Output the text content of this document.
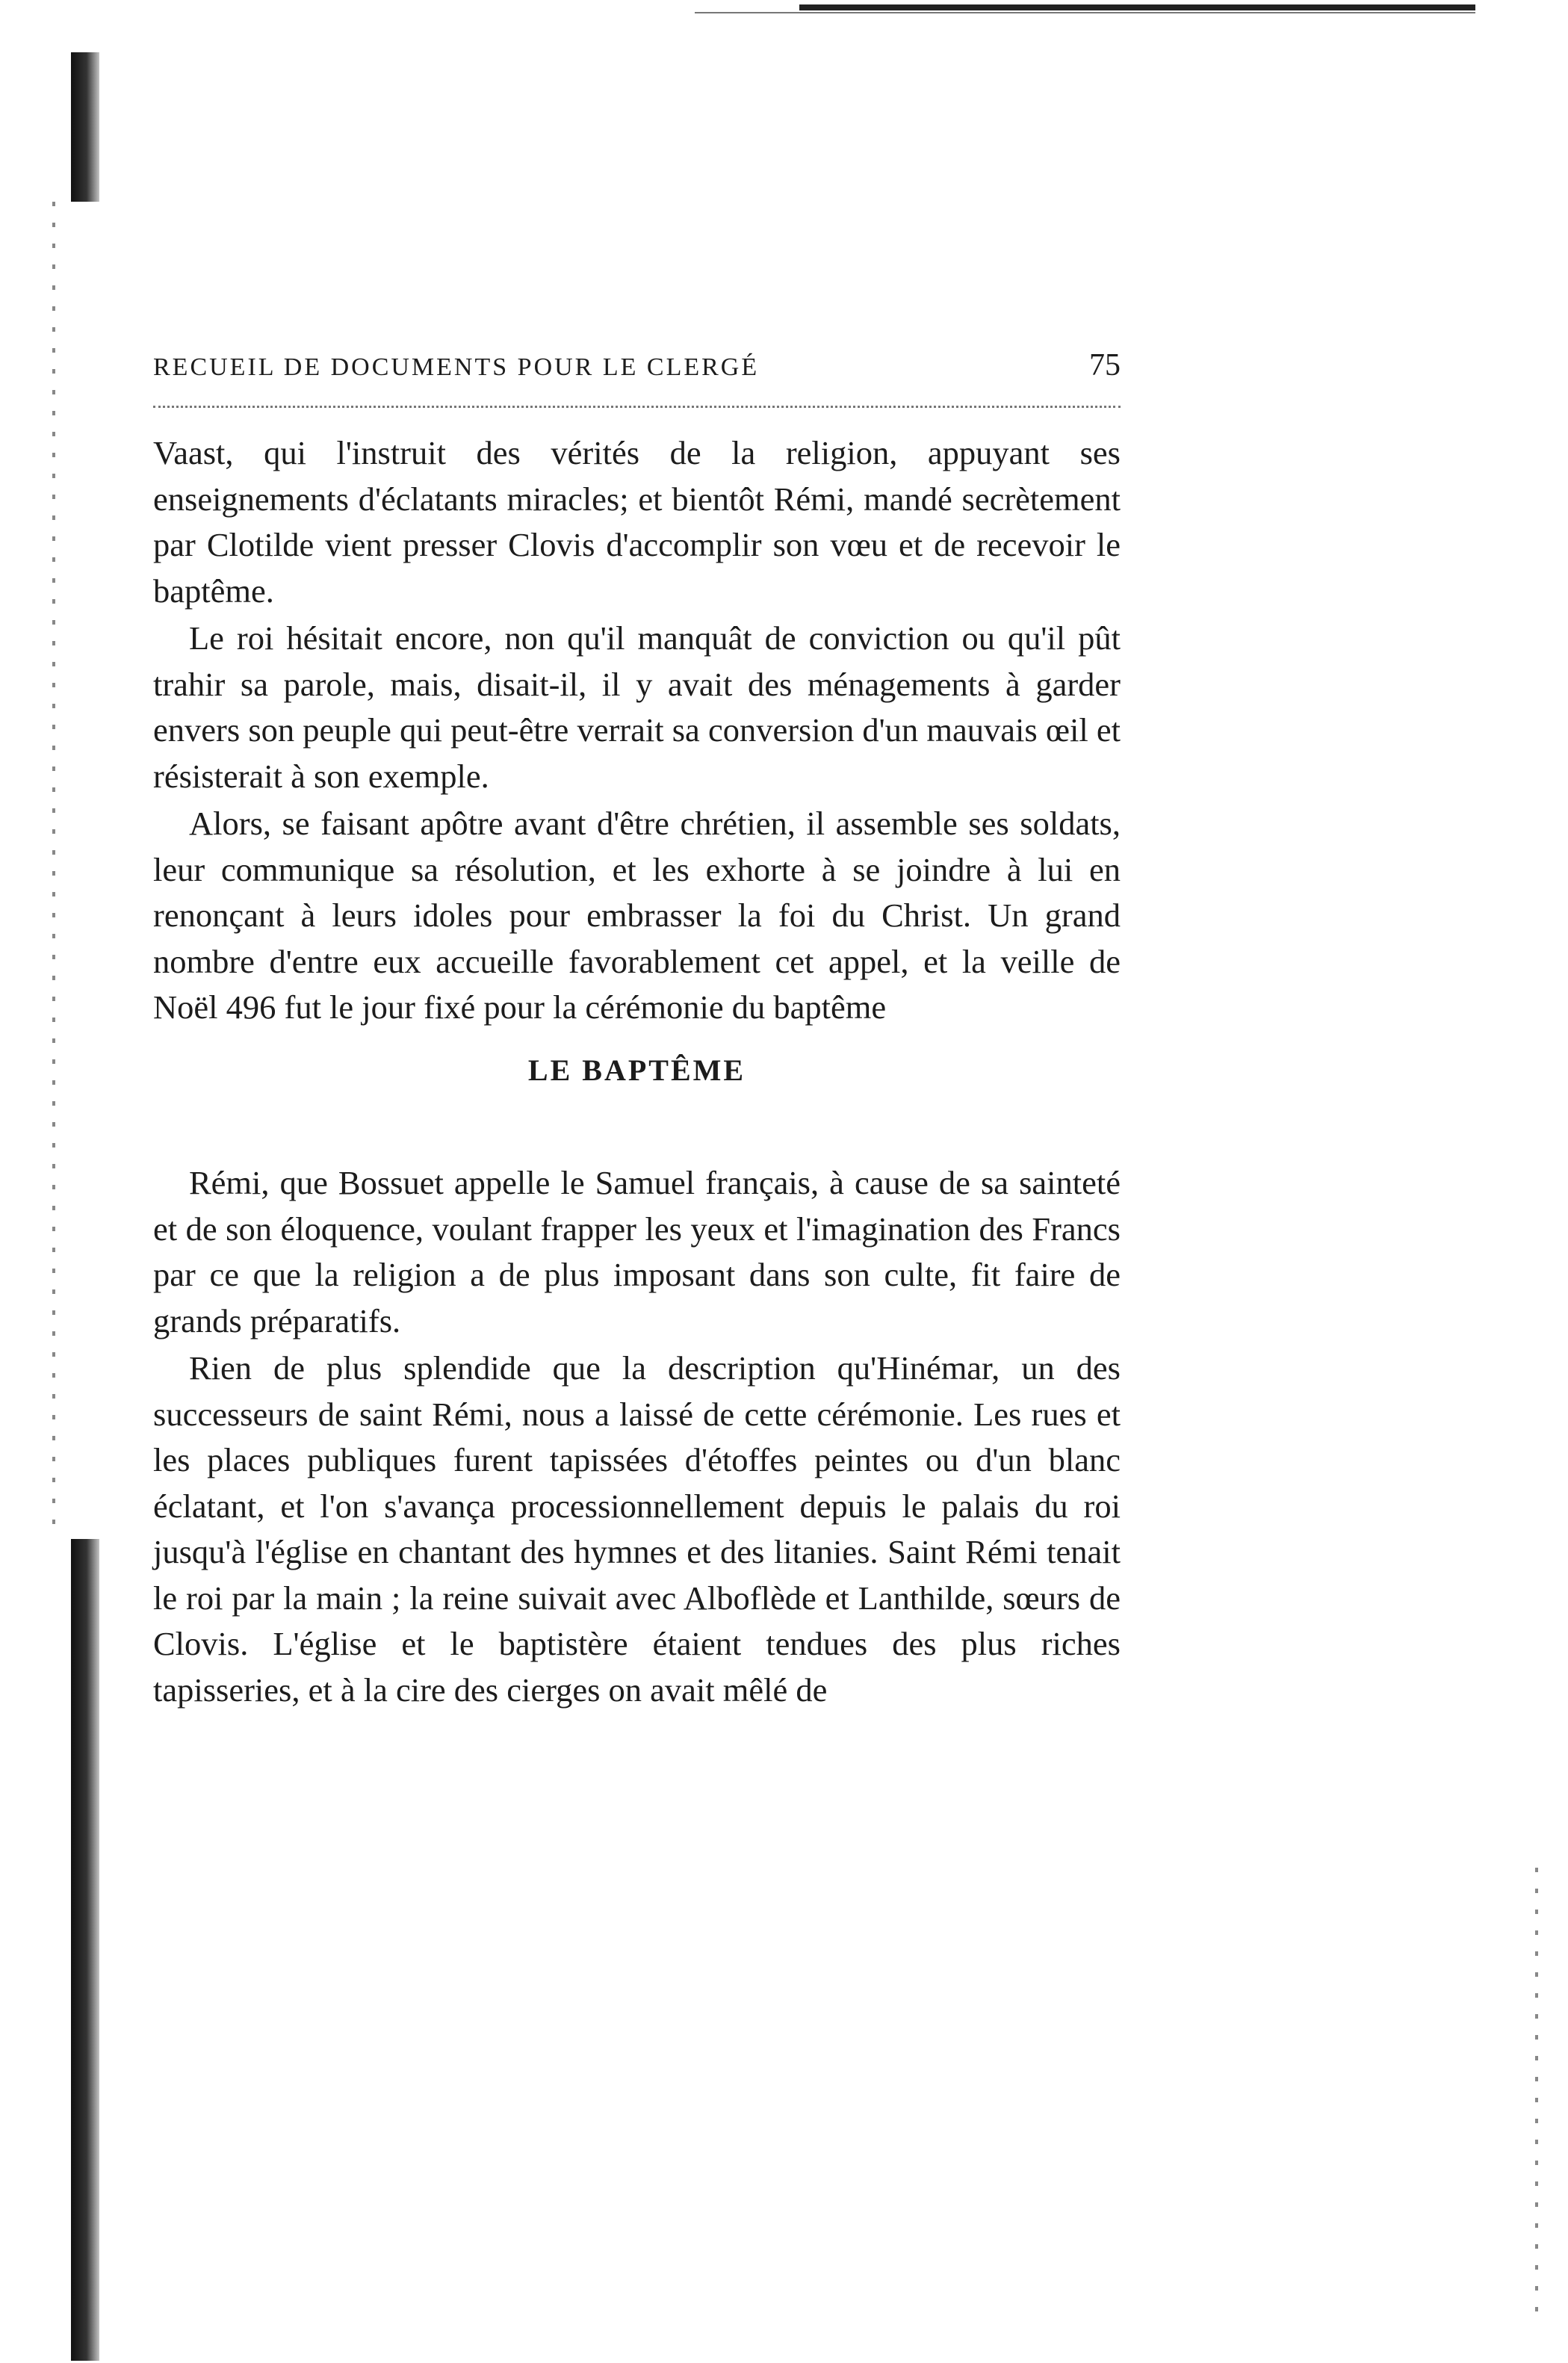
RECUEIL DE DOCUMENTS POUR LE CLERGÉ	75

Vaast, qui l'instruit des vérités de la religion, appuyant ses enseignements d'éclatants miracles; et bientôt Rémi, mandé secrètement par Clotilde vient presser Clovis d'accomplir son vœu et de recevoir le baptême.

Le roi hésitait encore, non qu'il manquât de conviction ou qu'il pût trahir sa parole, mais, disait-il, il y avait des ménagements à garder envers son peuple qui peut-être verrait sa conversion d'un mauvais œil et résisterait à son exemple.

Alors, se faisant apôtre avant d'être chrétien, il assemble ses soldats, leur communique sa résolution, et les exhorte à se joindre à lui en renonçant à leurs idoles pour embrasser la foi du Christ. Un grand nombre d'entre eux accueille favorablement cet appel, et la veille de Noël 496 fut le jour fixé pour la cérémonie du baptême

LE BAPTÊME

Rémi, que Bossuet appelle le Samuel français, à cause de sa sainteté et de son éloquence, voulant frapper les yeux et l'imagination des Francs par ce que la religion a de plus imposant dans son culte, fit faire de grands préparatifs.

Rien de plus splendide que la description qu'Hinémar, un des successeurs de saint Rémi, nous a laissé de cette cérémonie. Les rues et les places publiques furent tapissées d'étoffes peintes ou d'un blanc éclatant, et l'on s'avança processionnellement depuis le palais du roi jusqu'à l'église en chantant des hymnes et des litanies. Saint Rémi tenait le roi par la main ; la reine suivait avec Alboflède et Lanthilde, sœurs de Clovis. L'église et le baptistère étaient tendues des plus riches tapisseries, et à la cire des cierges on avait mêlé de
